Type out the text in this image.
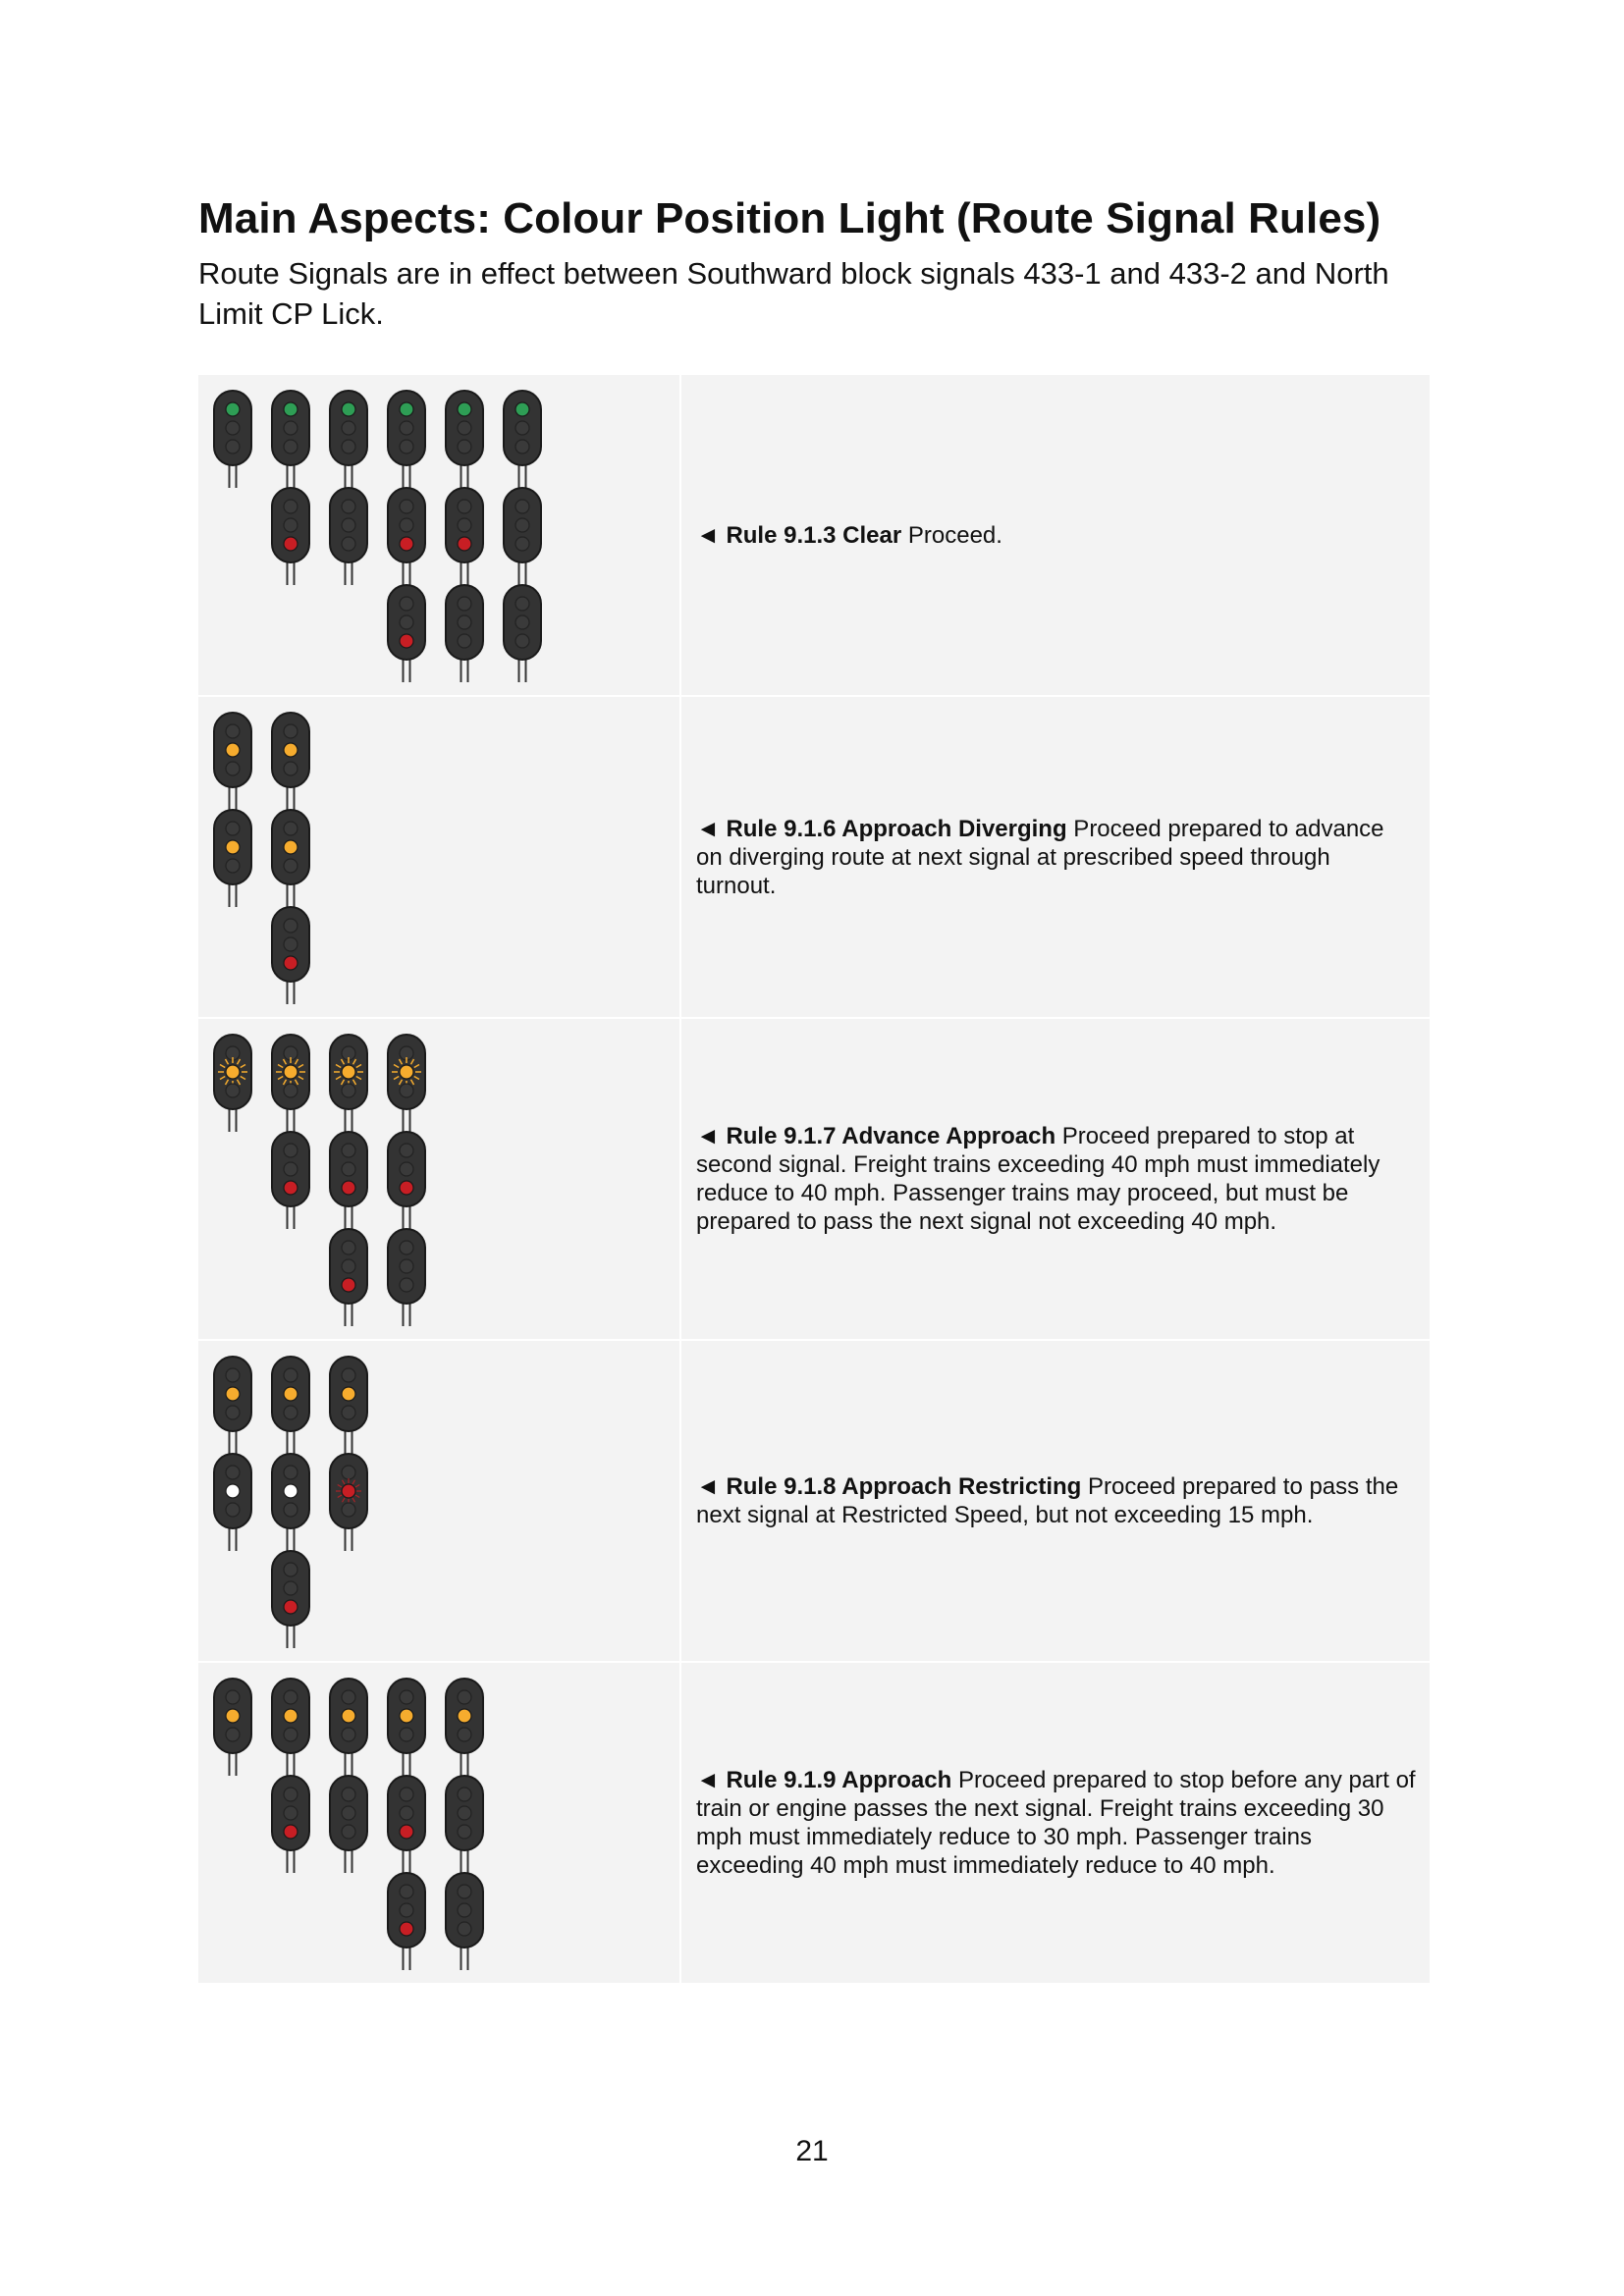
Main Aspects: Colour Position Light (Route Signal Rules)

Route Signals are in effect between Southward block signals 433-1 and 433-2 and North Limit CP Lick.

◄ Rule 9.1.3 Clear Proceed.

◄ Rule 9.1.6 Approach Diverging Proceed prepared to advance on diverging route at next signal at prescribed speed through turnout.

◄ Rule 9.1.7 Advance Approach Proceed prepared to stop at second signal. Freight trains exceeding 40 mph must immediately reduce to 40 mph. Passenger trains may proceed, but must be prepared to pass the next signal not exceeding 40 mph.

◄ Rule 9.1.8 Approach Restricting Proceed prepared to pass the next signal at Restricted Speed, but not exceeding 15 mph.

◄ Rule 9.1.9 Approach Proceed prepared to stop before any part of train or engine passes the next signal. Freight trains exceeding 30 mph must immediately reduce to 30 mph. Passenger trains exceeding 40 mph must immediately reduce to 40 mph.

21
